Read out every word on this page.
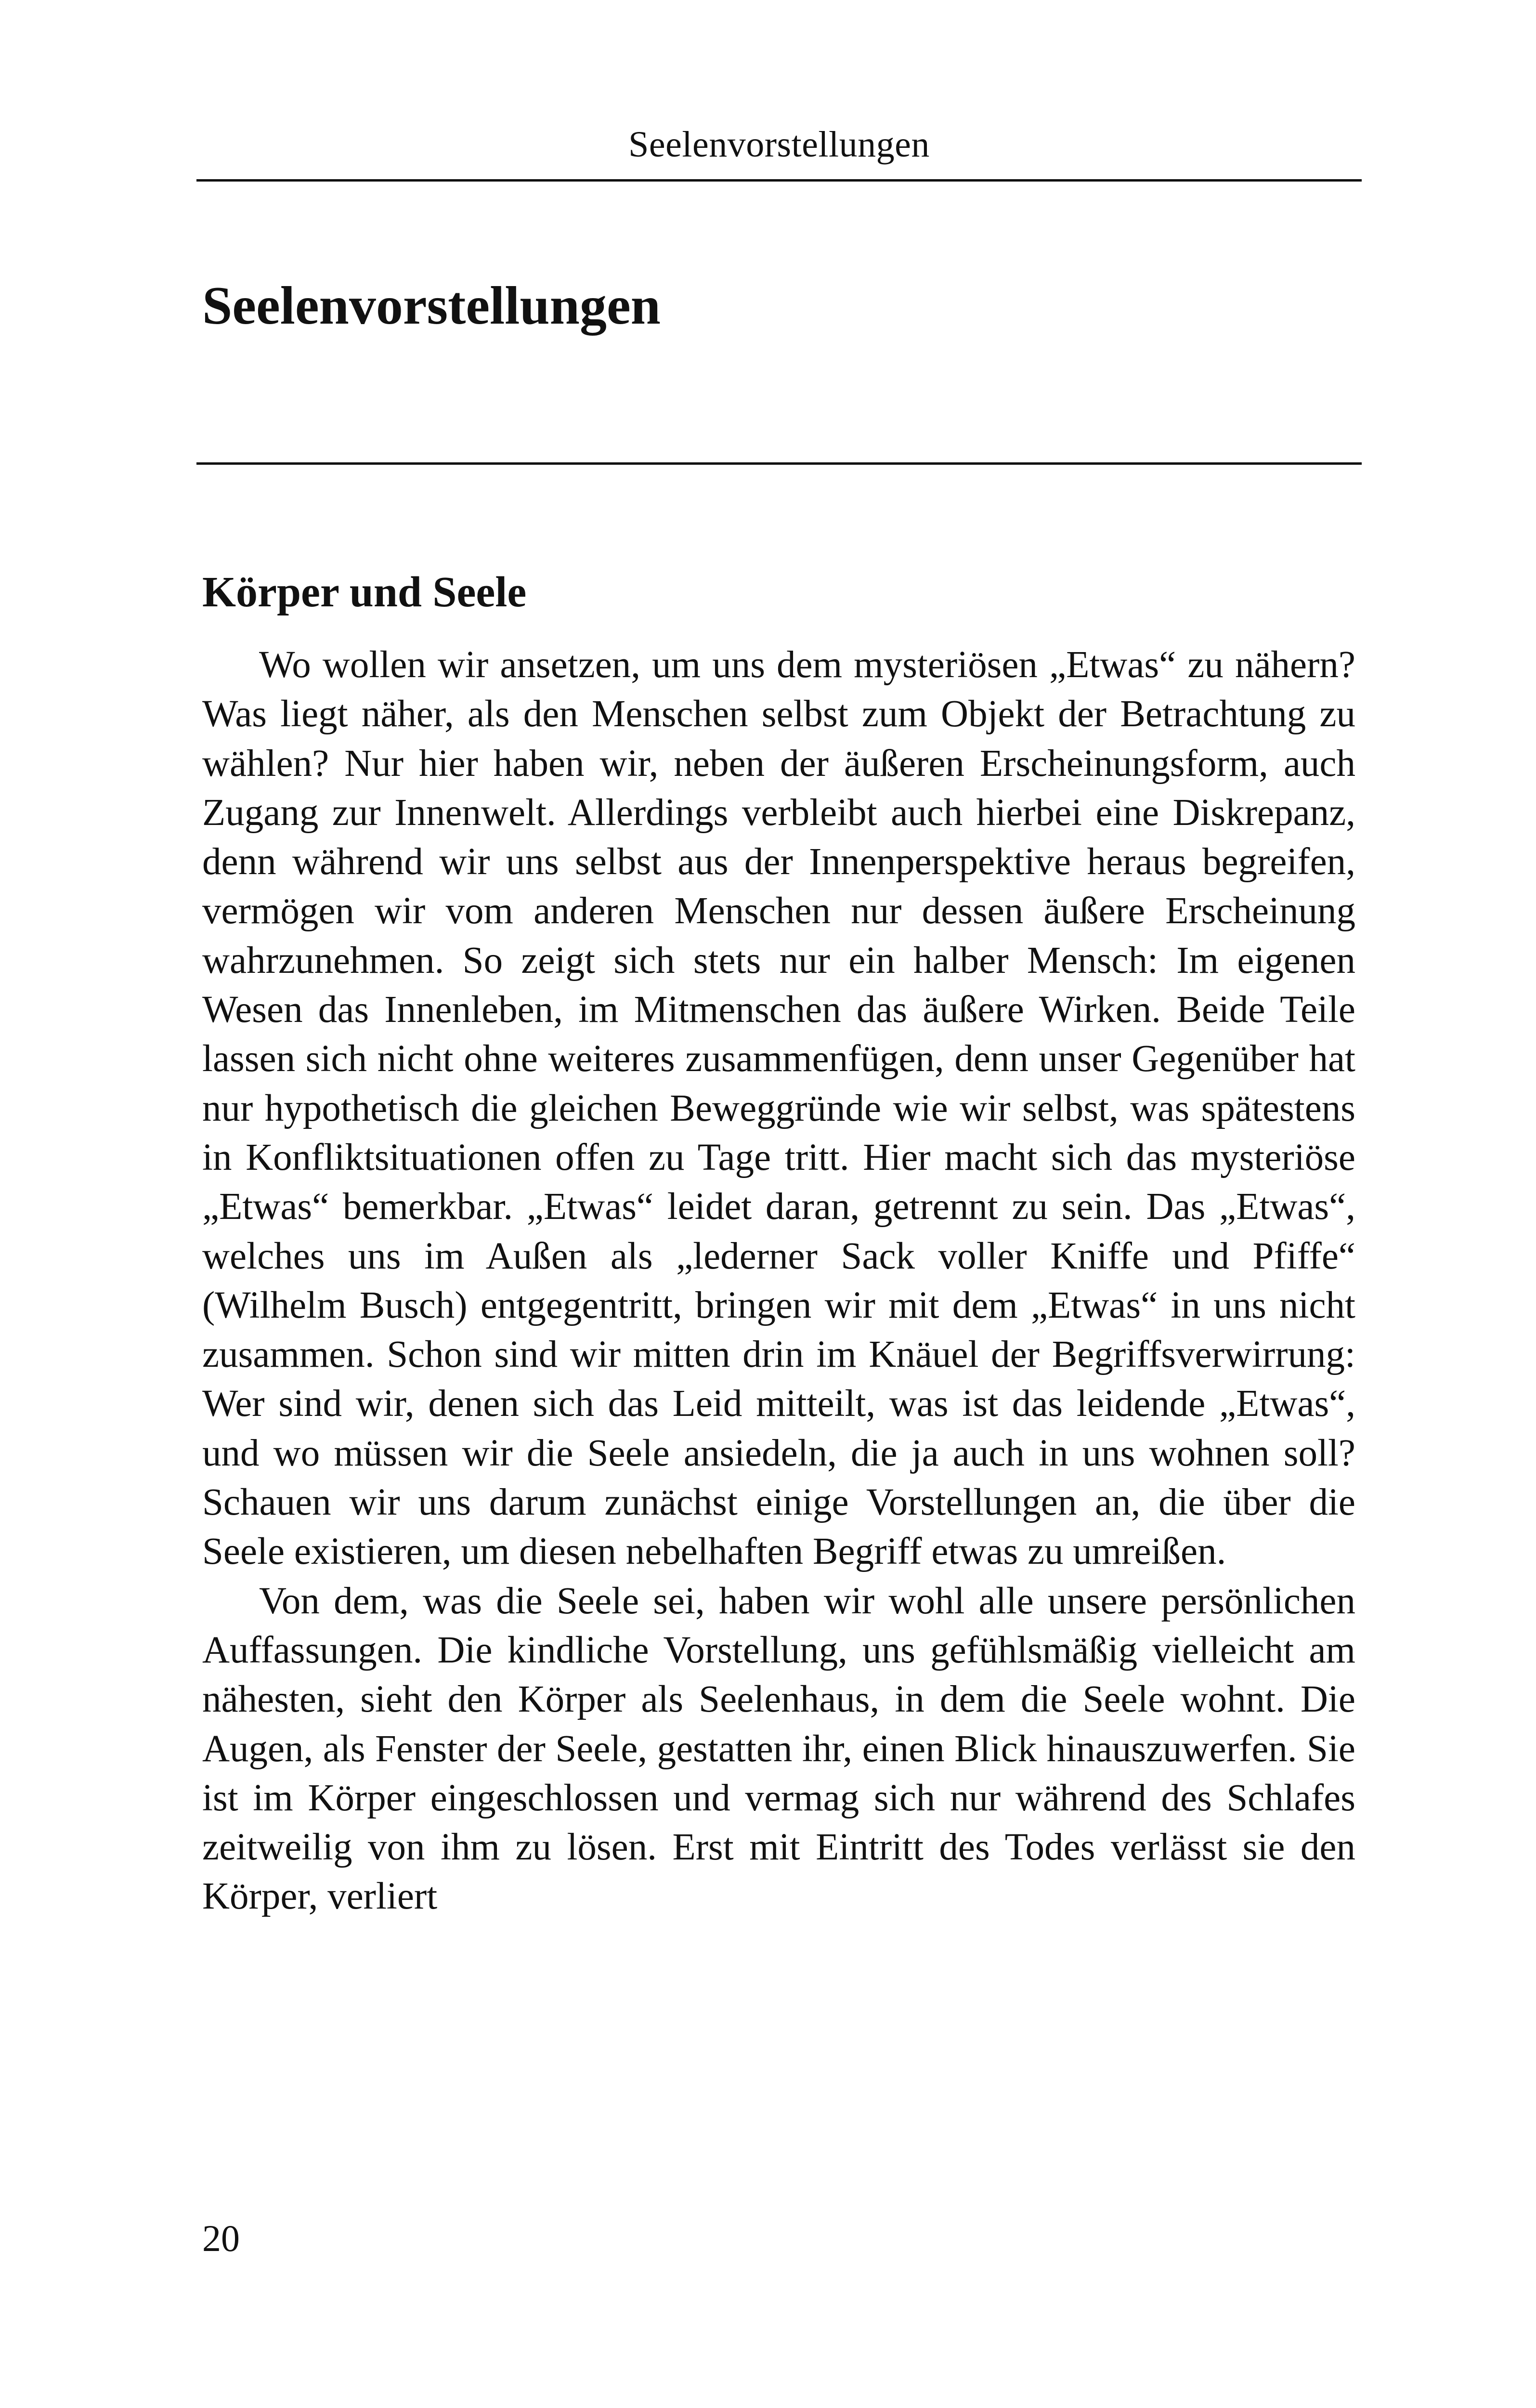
Seelenvorstellungen
Seelenvorstellungen
Körper und Seele

Wo wollen wir ansetzen, um uns dem mysteriösen „Etwas“ zu nähern? Was liegt näher, als den Menschen selbst zum Objekt der Betrachtung zu wählen? Nur hier haben wir, neben der äußeren Erscheinungsform, auch Zugang zur Innenwelt. Allerdings verbleibt auch hierbei eine Diskrepanz, denn während wir uns selbst aus der Innenperspektive heraus begreifen, vermögen wir vom anderen Menschen nur dessen äußere Erscheinung wahrzunehmen. So zeigt sich stets nur ein halber Mensch: Im eigenen Wesen das Innenleben, im Mitmenschen das äußere Wirken. Beide Teile lassen sich nicht ohne weiteres zusammenfügen, denn unser Gegenüber hat nur hypothetisch die gleichen Beweggründe wie wir selbst, was spätestens in Konfliktsituationen offen zu Tage tritt. Hier macht sich das mysteriöse „Etwas“ bemerkbar. „Etwas“ leidet daran, getrennt zu sein. Das „Etwas“, welches uns im Außen als „lederner Sack voller Kniffe und Pfiffe“ (Wilhelm Busch) entgegentritt, bringen wir mit dem „Etwas“ in uns nicht zusammen. Schon sind wir mitten drin im Knäuel der Begriffsverwirrung: Wer sind wir, denen sich das Leid mitteilt, was ist das leidende „Etwas“, und wo müssen wir die Seele ansiedeln, die ja auch in uns wohnen soll? Schauen wir uns darum zunächst einige Vorstellungen an, die über die Seele existieren, um diesen nebelhaften Begriff etwas zu umreißen.

Von dem, was die Seele sei, haben wir wohl alle unsere persönlichen Auffassungen. Die kindliche Vorstellung, uns gefühlsmäßig vielleicht am nähesten, sieht den Körper als Seelenhaus, in dem die Seele wohnt. Die Augen, als Fenster der Seele, gestatten ihr, einen Blick hinauszuwerfen. Sie ist im Körper eingeschlossen und vermag sich nur während des Schlafes zeitweilig von ihm zu lösen. Erst mit Eintritt des Todes verlässt sie den Körper, verliert

20
